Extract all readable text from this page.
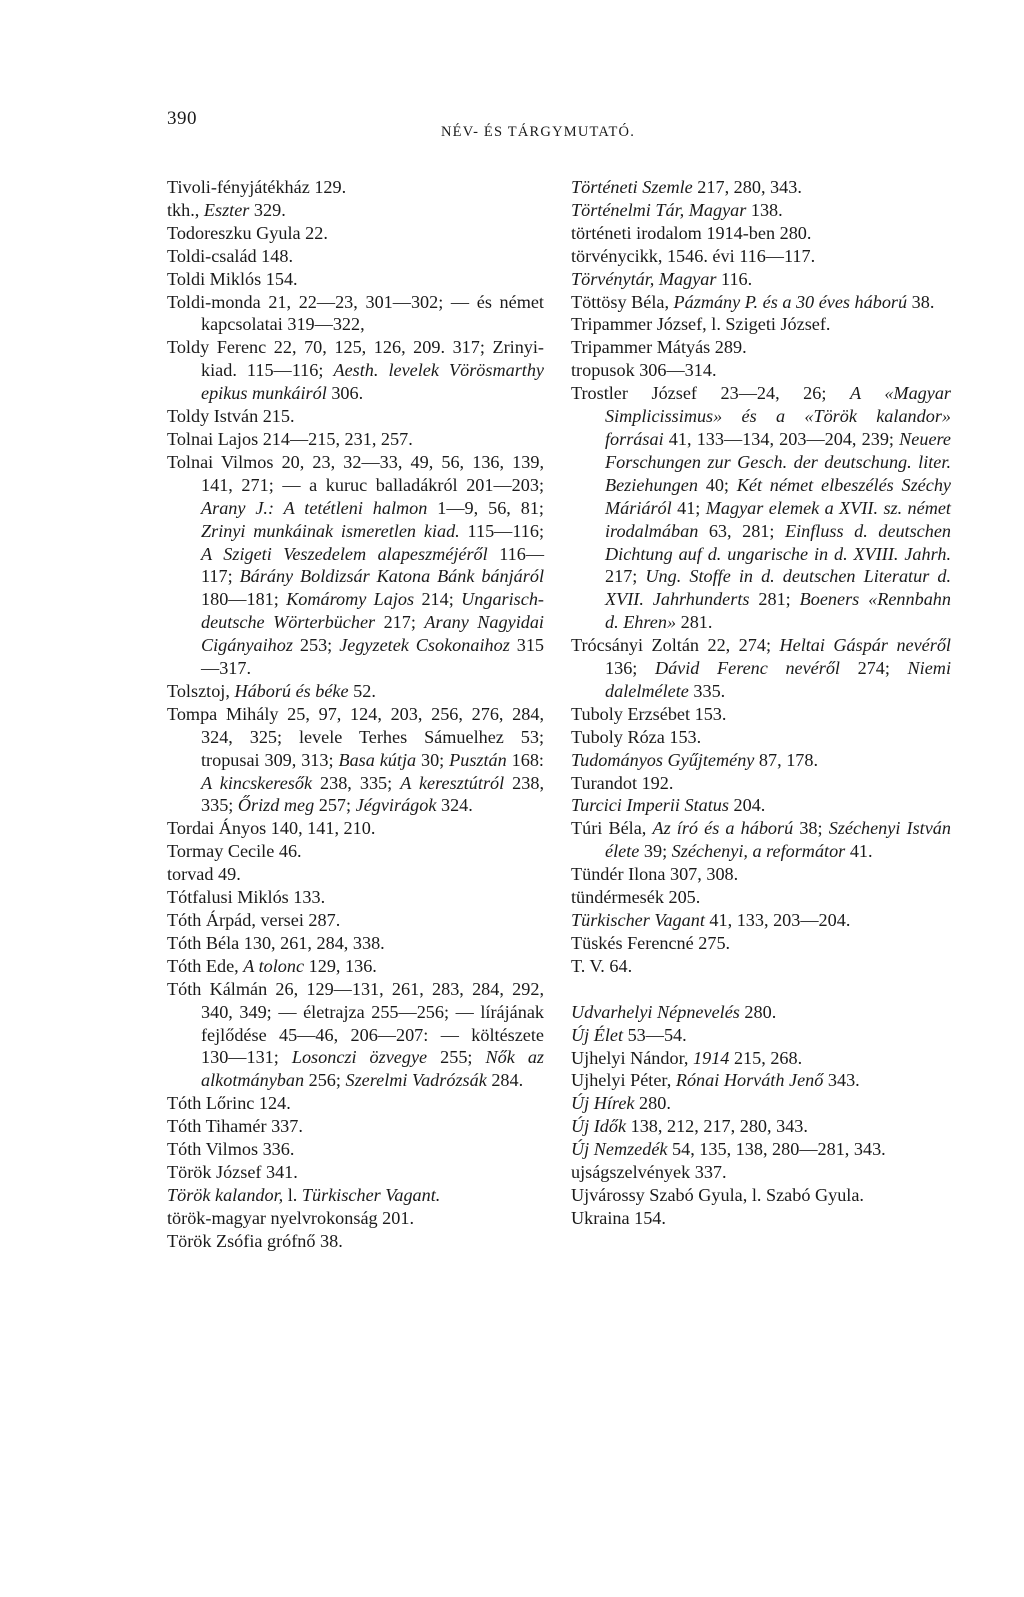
390
NÉV- ÉS TÁRGYMUTATÓ.
Tivoli-fényjátékház 129.
tkh., Eszter 329.
Todoreszku Gyula 22.
Toldi-család 148.
Toldi Miklós 154.
Toldi-monda 21, 22—23, 301—302; — és német kapcsolatai 319—322,
Toldy Ferenc 22, 70, 125, 126, 209. 317; Zrinyi-kiad. 115—116; Aesth. levelek Vörösmarthy epikus munkáiról 306.
Toldy István 215.
Tolnai Lajos 214—215, 231, 257.
Tolnai Vilmos 20, 23, 32—33, 49, 56, 136, 139, 141, 271; — a kuruc balladákról 201—203; Arany J.: A tetétleni halmon 1—9, 56, 81; Zrinyi munkáinak ismeretlen kiad. 115—116; A Szigeti Veszedelem alapeszméjéről 116—117; Bárány Boldizsár Katona Bánk bánjáról 180—181; Komáromy Lajos 214; Ungarisch-deutsche Wörterbücher 217; Arany Nagyidai Cigányaihoz 253; Jegyzetek Csokonaihoz 315—317.
Tolsztoj, Háború és béke 52.
Tompa Mihály 25, 97, 124, 203, 256, 276, 284, 324, 325; levele Terhes Sámuelhez 53; tropusai 309, 313; Basa kútja 30; Pusztán 168: A kincskeresők 238, 335; A keresztútról 238, 335; Őrizd meg 257; Jégvirágok 324.
Tordai Ányos 140, 141, 210.
Tormay Cecile 46.
torvad 49.
Tótfalusi Miklós 133.
Tóth Árpád, versei 287.
Tóth Béla 130, 261, 284, 338.
Tóth Ede, A tolonc 129, 136.
Tóth Kálmán 26, 129—131, 261, 283, 284, 292, 340, 349; — életrajza 255—256; — lírájának fejlődése 45—46, 206—207: — költészete 130—131; Losonczi özvegye 255; Nők az alkotmányban 256; Szerelmi Vadrózsák 284.
Tóth Lőrinc 124.
Tóth Tihamér 337.
Tóth Vilmos 336.
Török József 341.
Török kalandor, l. Türkischer Vagant.
török-magyar nyelvrokonság 201.
Török Zsófia grófnő 38.
Történeti Szemle 217, 280, 343.
Történelmi Tár, Magyar 138.
történeti irodalom 1914-ben 280.
törvénycikk, 1546. évi 116—117.
Törvénytár, Magyar 116.
Töttösy Béla, Pázmány P. és a 30 éves háború 38.
Tripammer József, l. Szigeti József.
Tripammer Mátyás 289.
tropusok 306—314.
Trostler József 23—24, 26; A «Magyar Simplicissimus» és a «Török kalandor» forrásai 41, 133—134, 203—204, 239; Neuere Forschungen zur Gesch. der deutschung. liter. Beziehungen 40; Két német elbeszélés Széchy Máriáról 41; Magyar elemek a XVII. sz. német irodalmában 63, 281; Einfluss d. deutschen Dichtung auf d. ungarische in d. XVIII. Jahrh. 217; Ung. Stoffe in d. deutschen Literatur d. XVII. Jahrhunderts 281; Boeners «Rennbahn d. Ehren» 281.
Trócsányi Zoltán 22, 274; Heltai Gáspár nevéről 136; Dávid Ferenc nevéről 274; Niemi dalelmélete 335.
Tuboly Erzsébet 153.
Tuboly Róza 153.
Tudományos Gyűjtemény 87, 178.
Turandot 192.
Turcici Imperii Status 204.
Túri Béla, Az író és a háború 38; Széchenyi István élete 39; Széchenyi, a reformátor 41.
Tündér Ilona 307, 308.
tündérmesék 205.
Türkischer Vagant 41, 133, 203—204.
Tüskés Ferencné 275.
T. V. 64.
Udvarhelyi Népnevelés 280.
Új Élet 53—54.
Ujhelyi Nándor, 1914 215, 268.
Ujhelyi Péter, Rónai Horváth Jenő 343.
Új Hírek 280.
Új Idők 138, 212, 217, 280, 343.
Új Nemzedék 54, 135, 138, 280—281, 343.
ujságszelvények 337.
Ujvárossy Szabó Gyula, l. Szabó Gyula.
Ukraina 154.
